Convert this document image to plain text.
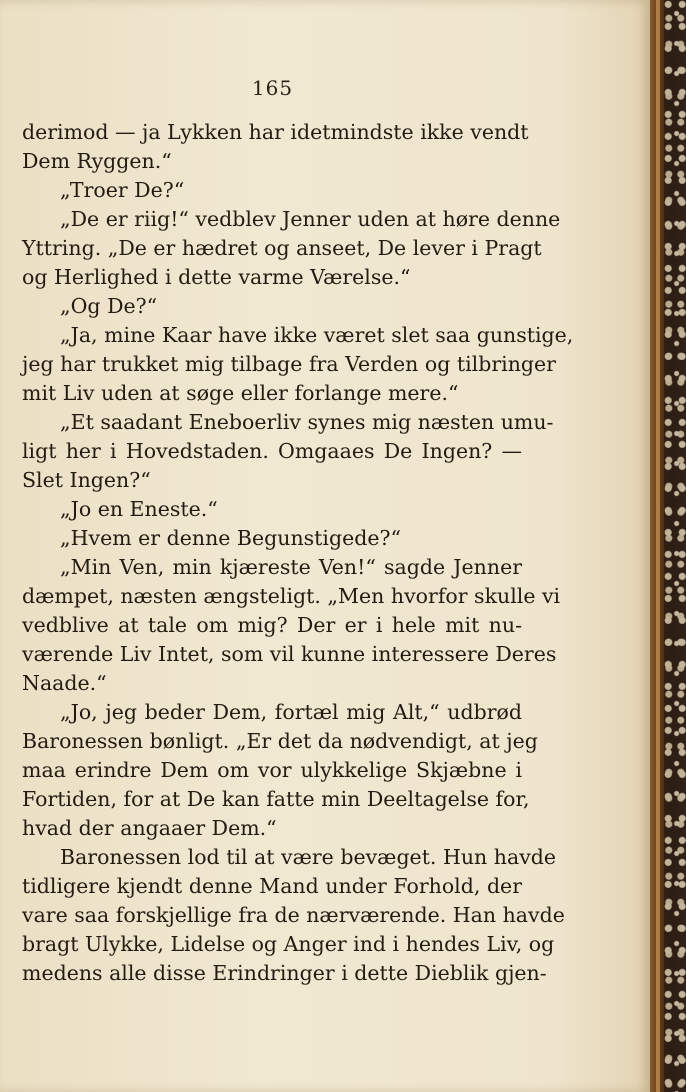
165
derimod — ja Lykken har idetmindste ikke vendt
Dem Ryggen.“
„Troer De?“
„De er riig!“ vedblev Jenner uden at høre denne
Yttring. „De er hædret og anseet, De lever i Pragt
og Herlighed i dette varme Værelse.“
„Og De?“
„Ja, mine Kaar have ikke været slet saa gunstige,
jeg har trukket mig tilbage fra Verden og tilbringer
mit Liv uden at søge eller forlange mere.“
„Et saadant Eneboerliv synes mig næsten umu-
ligt her i Hovedstaden. Omgaaes De Ingen? —
Slet Ingen?“
„Jo en Eneste.“
„Hvem er denne Begunstigede?“
„Min Ven, min kjæreste Ven!“ sagde Jenner
dæmpet, næsten ængsteligt. „Men hvorfor skulle vi
vedblive at tale om mig? Der er i hele mit nu-
værende Liv Intet, som vil kunne interessere Deres
Naade.“
„Jo, jeg beder Dem, fortæl mig Alt,“ udbrød
Baronessen bønligt. „Er det da nødvendigt, at jeg
maa erindre Dem om vor ulykkelige Skjæbne i
Fortiden, for at De kan fatte min Deeltagelse for,
hvad der angaaer Dem.“
Baronessen lod til at være bevæget. Hun havde
tidligere kjendt denne Mand under Forhold, der
vare saa forskjellige fra de nærværende. Han havde
bragt Ulykke, Lidelse og Anger ind i hendes Liv, og
medens alle disse Erindringer i dette Dieblik gjen-
